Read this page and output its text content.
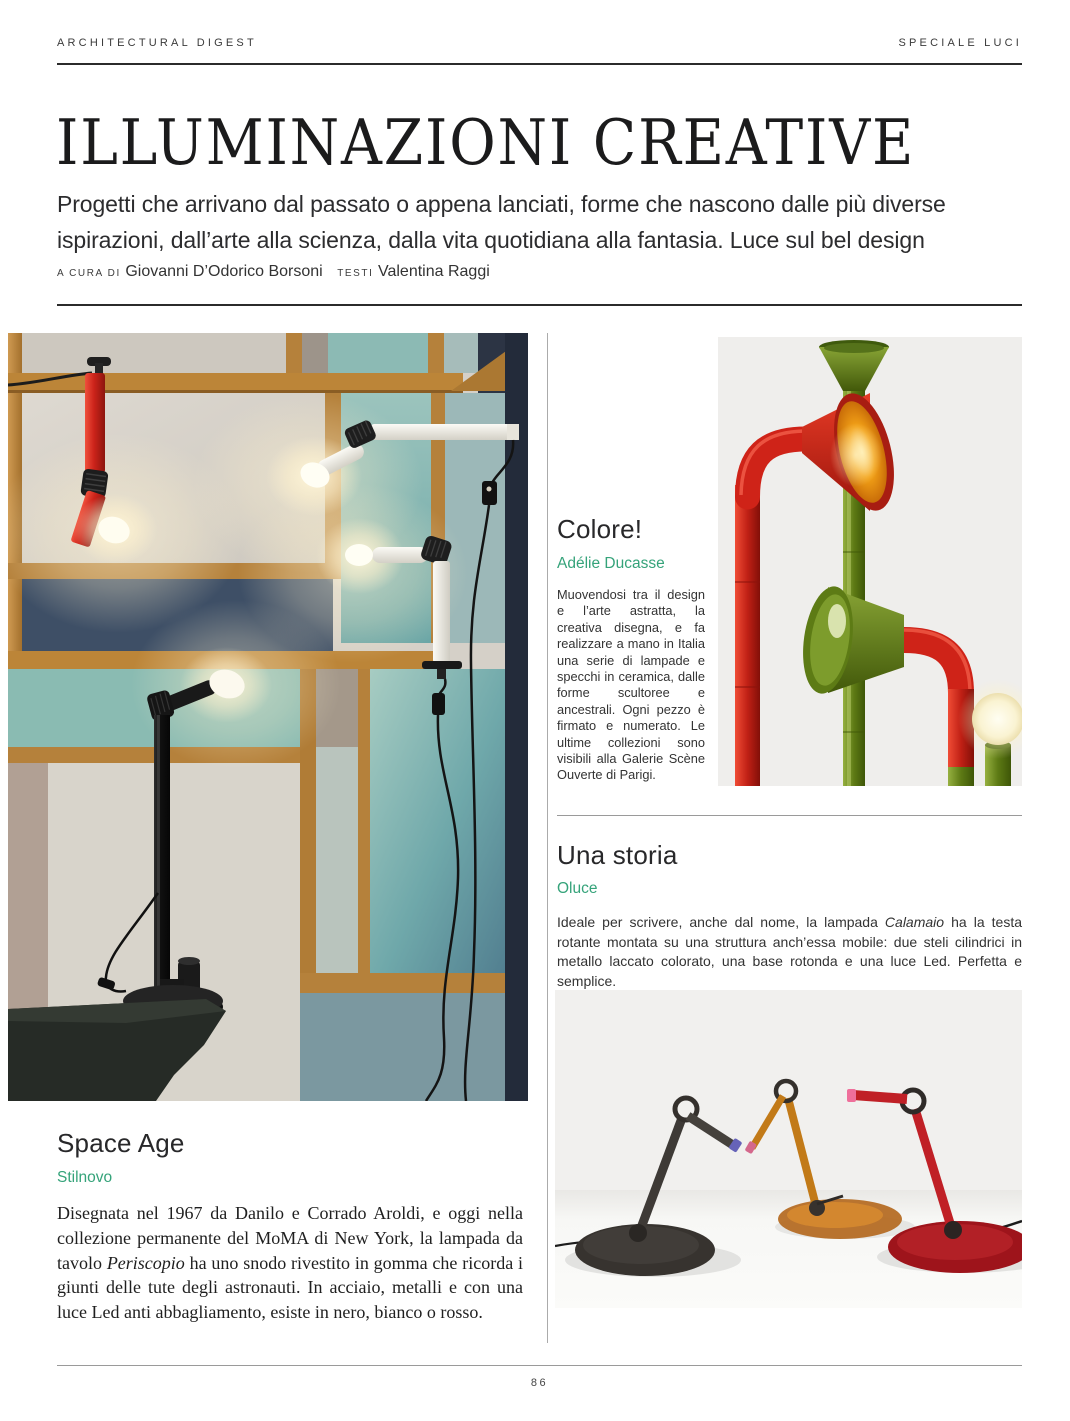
ARCHITECTURAL DIGEST	SPECIALE LUCI
ILLUMINAZIONI CREATIVE
Progetti che arrivano dal passato o appena lanciati, forme che nascono dalle più diverse ispirazioni, dall’arte alla scienza, dalla vita quotidiana alla fantasia. Luce sul bel design
A CURA DI Giovanni D’Odorico Borsoni TESTI Valentina Raggi
Colore!
Adélie Ducasse
Muovendosi tra il design e l’arte astratta, la creativa disegna, e fa realizzare a mano in Italia una serie di lampade e specchi in ceramica, dalle forme scultoree e ancestrali. Ogni pezzo è firmato e numerato. Le ultime collezioni sono visibili alla Galerie Scène Ouverte di Parigi.
Una storia
Oluce
Ideale per scrivere, anche dal nome, la lampada Calamaio ha la testa rotante montata su una struttura anch’essa mobile: due steli cilindrici in metallo laccato colorato, una base rotonda e una luce Led. Perfetta e semplice.
Space Age
Stilnovo
Disegnata nel 1967 da Danilo e Corrado Aroldi, e oggi nella collezione permanente del MoMA di New York, la lampada da tavolo Periscopio ha uno snodo rivestito in gomma che ricorda i giunti delle tute degli astronauti. In acciaio, metalli e con una luce Led anti abbagliamento, esiste in nero, bianco o rosso.
86
